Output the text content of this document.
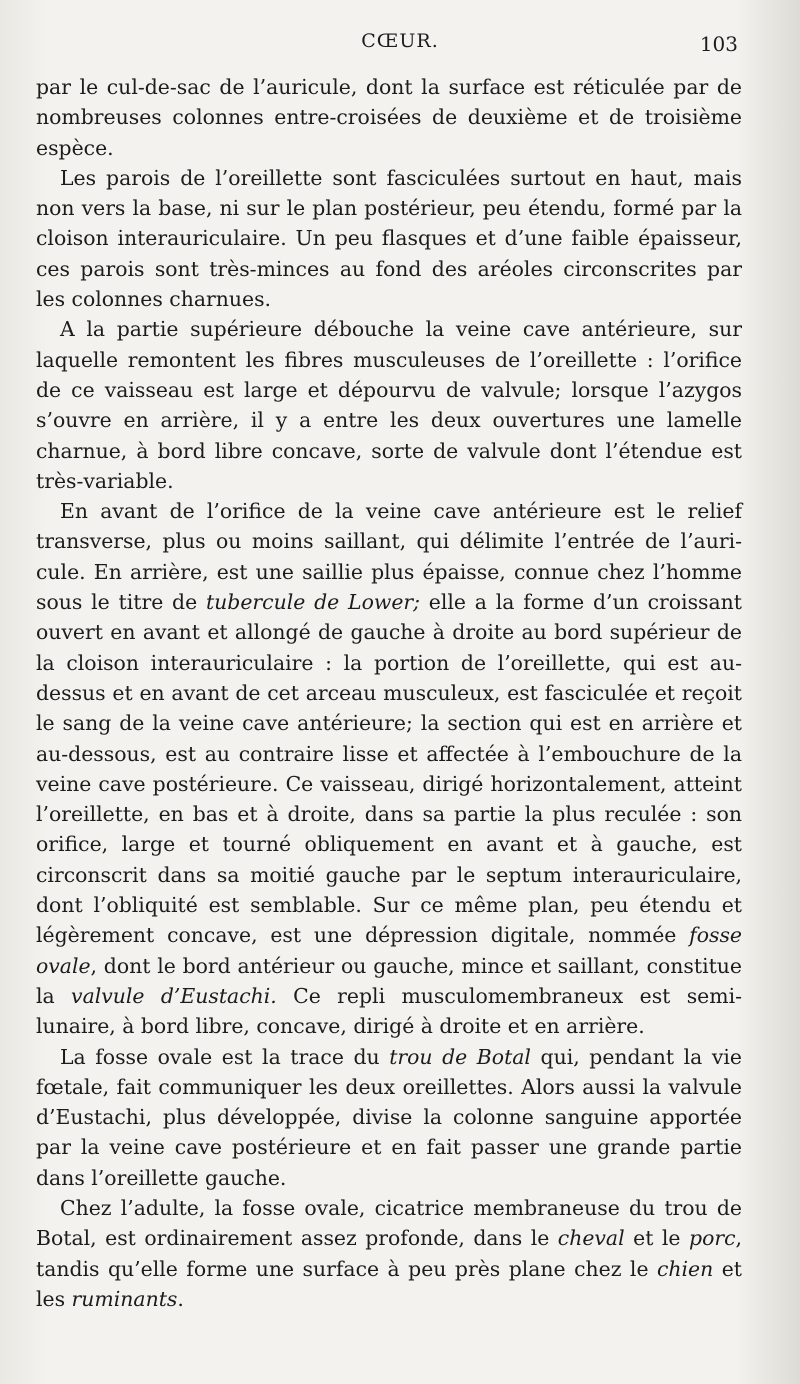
CŒUR.	103

par le cul-de-sac de l’auricule, dont la surface est réticulée par de nombreuses colonnes entre-croisées de deuxième et de troisième espèce.

Les parois de l’oreillette sont fasciculées surtout en haut, mais non vers la base, ni sur le plan postérieur, peu étendu, formé par la cloison interauriculaire. Un peu flasques et d’une faible épaisseur, ces parois sont très-minces au fond des aréoles circonscrites par les colonnes charnues.

A la partie supérieure débouche la veine cave antérieure, sur laquelle remontent les fibres musculeuses de l’oreillette : l’orifice de ce vaisseau est large et dépourvu de valvule; lorsque l’azygos s’ouvre en arrière, il y a entre les deux ouvertures une lamelle charnue, à bord libre concave, sorte de valvule dont l’étendue est très-variable.

En avant de l’orifice de la veine cave antérieure est le relief transverse, plus ou moins saillant, qui délimite l’entrée de l’auricule. En arrière, est une saillie plus épaisse, connue chez l’homme sous le titre de tubercule de Lower; elle a la forme d’un croissant ouvert en avant et allongé de gauche à droite au bord supérieur de la cloison interauriculaire : la portion de l’oreillette, qui est au-dessus et en avant de cet arceau musculeux, est fasciculée et reçoit le sang de la veine cave antérieure; la section qui est en arrière et au-dessous, est au contraire lisse et affectée à l’embouchure de la veine cave postérieure. Ce vaisseau, dirigé horizontalement, atteint l’oreillette, en bas et à droite, dans sa partie la plus reculée : son orifice, large et tourné obliquement en avant et à gauche, est circonscrit dans sa moitié gauche par le septum interauriculaire, dont l’obliquité est semblable. Sur ce même plan, peu étendu et légèrement concave, est une dépression digitale, nommée fosse ovale, dont le bord antérieur ou gauche, mince et saillant, constitue la valvule d’Eustachi. Ce repli musculomembraneux est semi-lunaire, à bord libre, concave, dirigé à droite et en arrière.

La fosse ovale est la trace du trou de Botal qui, pendant la vie fœtale, fait communiquer les deux oreillettes. Alors aussi la valvule d’Eustachi, plus développée, divise la colonne sanguine apportée par la veine cave postérieure et en fait passer une grande partie dans l’oreillette gauche.

Chez l’adulte, la fosse ovale, cicatrice membraneuse du trou de Botal, est ordinairement assez profonde, dans le cheval et le porc, tandis qu’elle forme une surface à peu près plane chez le chien et les ruminants.
